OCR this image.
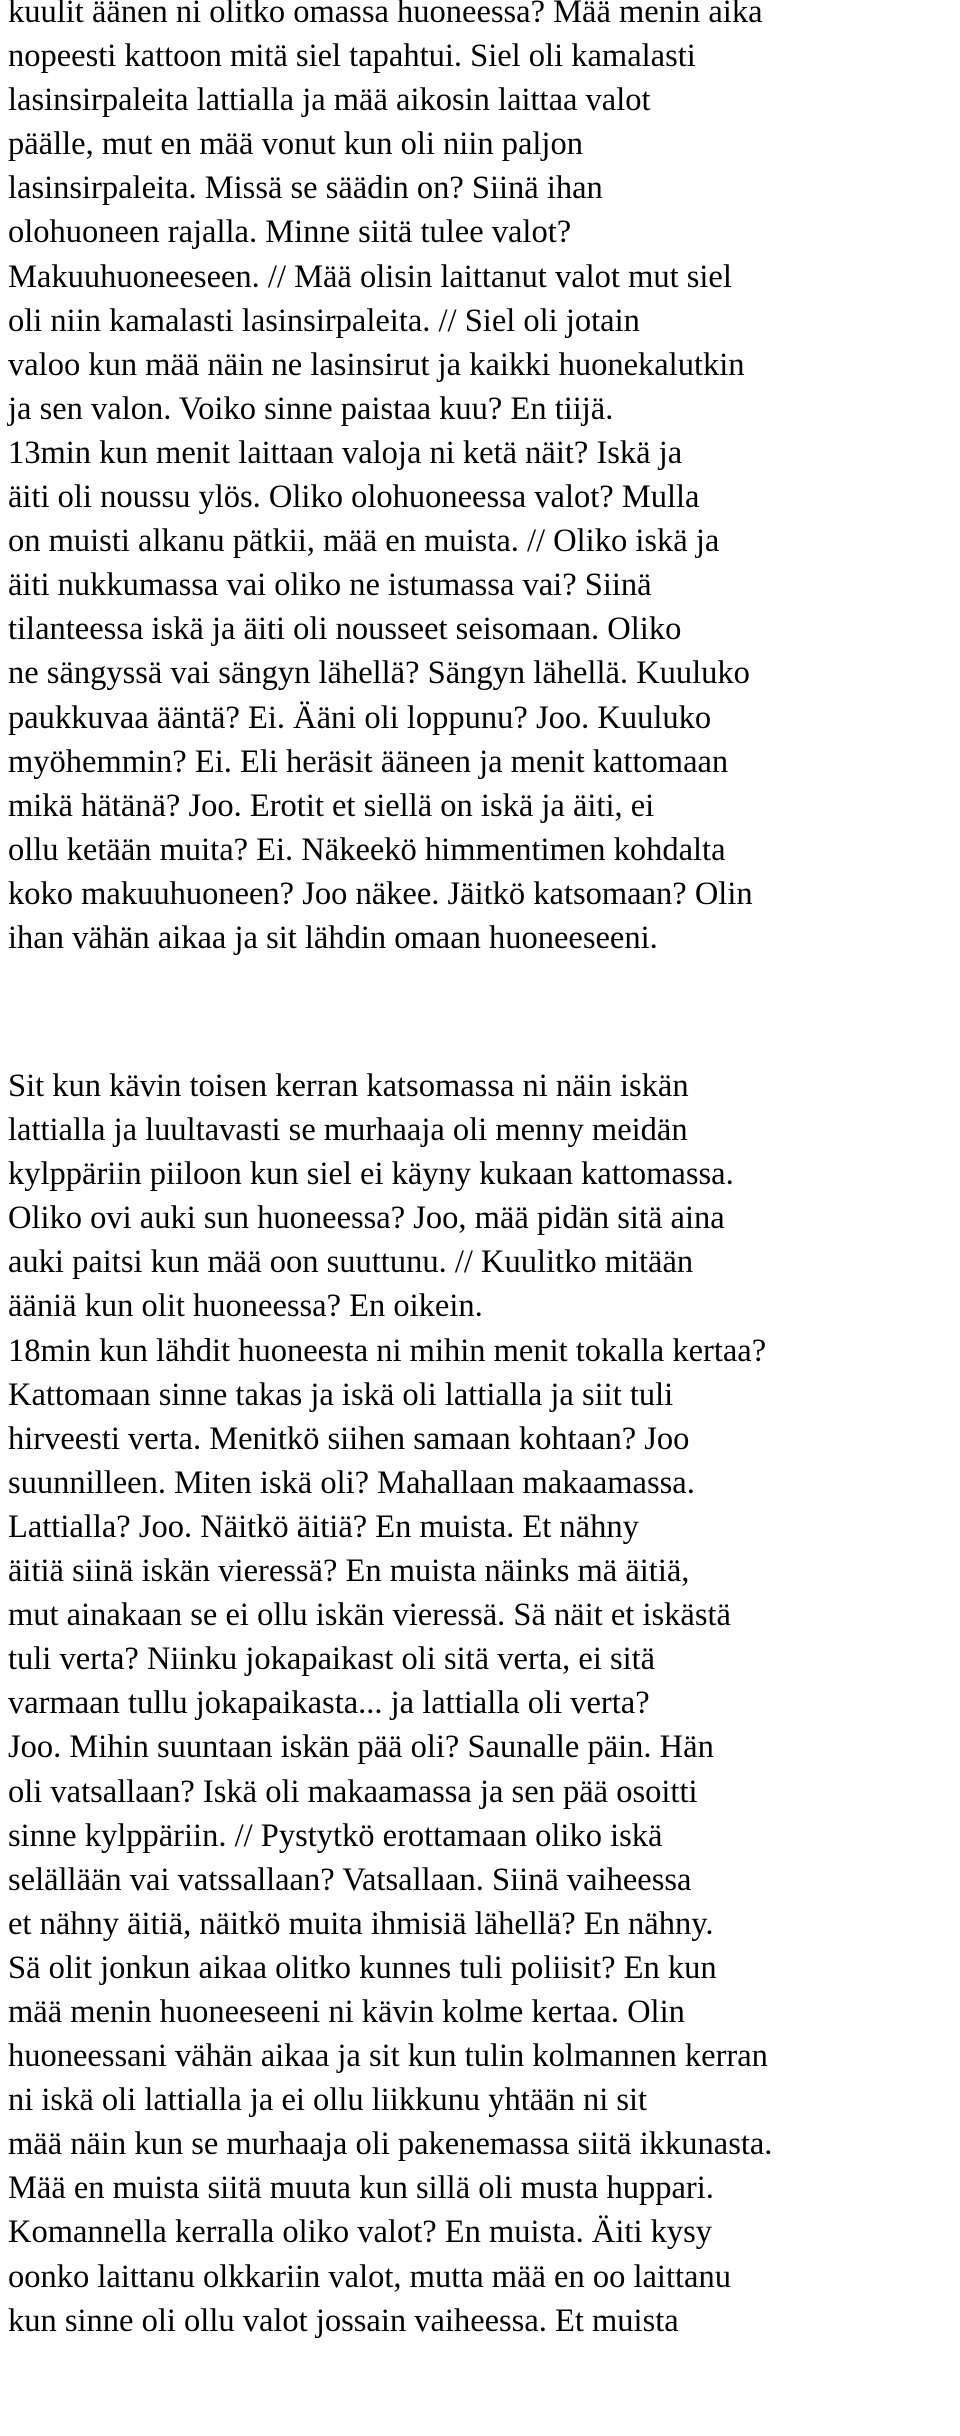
kuulit äänen ni olitko omassa huoneessa? Mää menin aika
nopeesti kattoon mitä siel tapahtui. Siel oli kamalasti
lasinsirpaleita lattialla ja mää aikosin laittaa valot
päälle, mut en mää vonut kun oli niin paljon
lasinsirpaleita. Missä se säädin on? Siinä ihan
olohuoneen rajalla. Minne siitä tulee valot?
Makuuhuoneeseen. // Mää olisin laittanut valot mut siel
oli niin kamalasti lasinsirpaleita. // Siel oli jotain
valoo kun mää näin ne lasinsirut ja kaikki huonekalutkin
ja sen valon. Voiko sinne paistaa kuu? En tiijä.
13min kun menit laittaan valoja ni ketä näit? Iskä ja
äiti oli noussu ylös. Oliko olohuoneessa valot? Mulla
on muisti alkanu pätkii, mää en muista. // Oliko iskä ja
äiti nukkumassa vai oliko ne istumassa vai? Siinä
tilanteessa iskä ja äiti oli nousseet seisomaan. Oliko
ne sängyssä vai sängyn lähellä? Sängyn lähellä. Kuuluko
paukkuvaa ääntä? Ei. Ääni oli loppunu? Joo. Kuuluko
myöhemmin? Ei. Eli heräsit ääneen ja menit kattomaan
mikä hätänä? Joo. Erotit et siellä on iskä ja äiti, ei
ollu ketään muita? Ei. Näkeekö himmentimen kohdalta
koko makuuhuoneen? Joo näkee. Jäitkö katsomaan? Olin
ihan vähän aikaa ja sit lähdin omaan huoneeseeni.
Sit kun kävin toisen kerran katsomassa ni näin iskän
lattialla ja luultavasti se murhaaja oli menny meidän
kylppäriin piiloon kun siel ei käyny kukaan kattomassa.
Oliko ovi auki sun huoneessa? Joo, mää pidän sitä aina
auki paitsi kun mää oon suuttunu. // Kuulitko mitään
ääniä kun olit huoneessa? En oikein.
18min kun lähdit huoneesta ni mihin menit tokalla kertaa?
Kattomaan sinne takas ja iskä oli lattialla ja siit tuli
hirveesti verta. Menitkö siihen samaan kohtaan? Joo
suunnilleen. Miten iskä oli? Mahallaan makaamassa.
Lattialla? Joo. Näitkö äitiä? En muista. Et nähny
äitiä siinä iskän vieressä? En muista näinks mä äitiä,
mut ainakaan se ei ollu iskän vieressä. Sä näit et iskästä
tuli verta? Niinku jokapaikast oli sitä verta, ei sitä
varmaan tullu jokapaikasta... ja lattialla oli verta?
Joo. Mihin suuntaan iskän pää oli? Saunalle päin. Hän
oli vatsallaan? Iskä oli makaamassa ja sen pää osoitti
sinne kylppäriin. // Pystytkö erottamaan oliko iskä
selällään vai vatssallaan? Vatsallaan. Siinä vaiheessa
et nähny äitiä, näitkö muita ihmisiä lähellä? En nähny.
Sä olit jonkun aikaa olitko kunnes tuli poliisit? En kun
mää menin huoneeseeni ni kävin kolme kertaa. Olin
huoneessani vähän aikaa ja sit kun tulin kolmannen kerran
ni iskä oli lattialla ja ei ollu liikkunu yhtään ni sit
mää näin kun se murhaaja oli pakenemassa siitä ikkunasta.
Mää en muista siitä muuta kun sillä oli musta huppari.
Komannella kerralla oliko valot? En muista. Äiti kysy
oonko laittanu olkkariin valot, mutta mää en oo laittanu
kun sinne oli ollu valot jossain vaiheessa. Et muista
